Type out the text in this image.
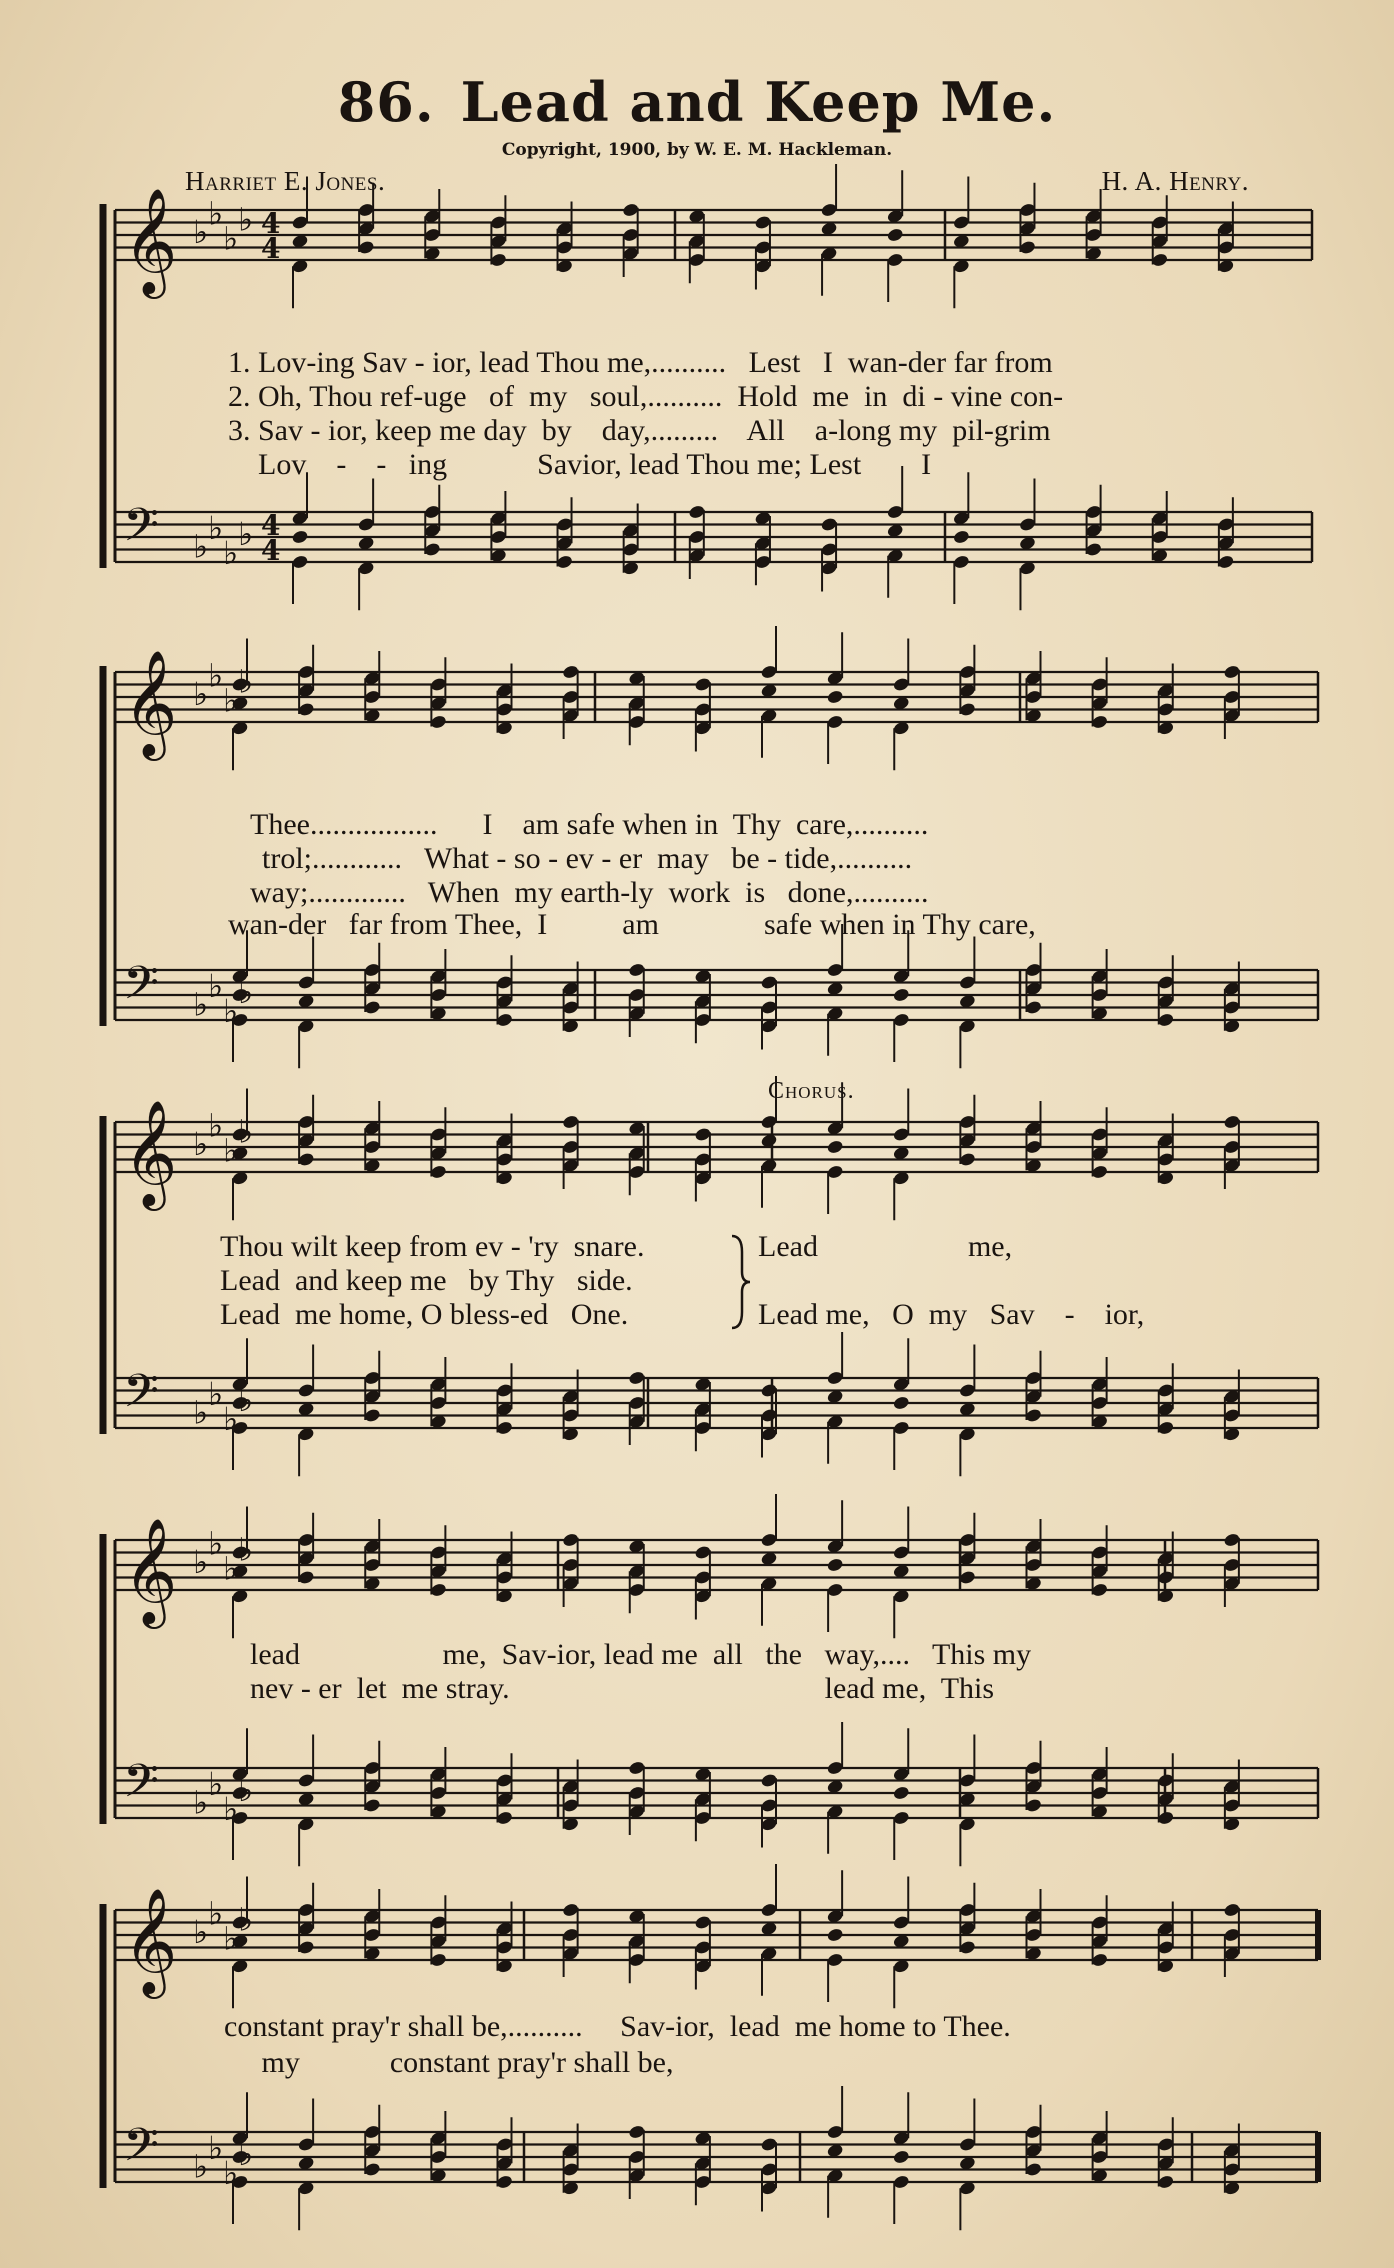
86. Lead and Keep Me.
Copyright, 1900, by W. E. M. Hackleman.
Harriet E. Jones.	H. A. Henry.
𝄞 ♭ ♭
♭ ♭ 4
4
𝄢 ♭ ♭
♭ ♭ 4
4
𝄞 ♭ ♭
♭ ♭
𝄢 ♭ ♭
♭ ♭
𝄞 ♭ ♭
♭ ♭
𝄢 ♭ ♭
♭ ♭
𝄞 ♭ ♭
♭ ♭
𝄢 ♭ ♭
♭ ♭
𝄞 ♭ ♭
♭ ♭
𝄢 ♭ ♭
♭ ♭
1. Lov-ing Sav - ior, lead Thou me,..........   Lest   I  wan-der far from
2. Oh, Thou ref-uge   of  my   soul,..........  Hold  me  in  di - vine con-
3. Sav - ior, keep me day  by    day,.........    All    a-long my  pil-grim
Lov    -    -   ing            Savior, lead Thou me; Lest        I
Thee.................      I    am safe when in  Thy  care,..........
trol;............   What - so - ev - er  may   be - tide,..........
way;.............   When  my earth-ly  work  is   done,..........
wan-der   far from Thee,  I          am              safe when in Thy care,
Chorus.
Thou wilt keep from ev - 'ry  snare.
Lead  and keep me   by Thy   side.
Lead  me home, O bless-ed   One.
Lead                    me,
Lead me,   O  my   Sav    -    ior,
lead                   me,  Sav-ior, lead me  all   the   way,....   This my
nev - er  let  me stray.                                          lead me,  This
constant pray'r shall be,..........     Sav-ior,  lead  me home to Thee.
my            constant pray'r shall be,
